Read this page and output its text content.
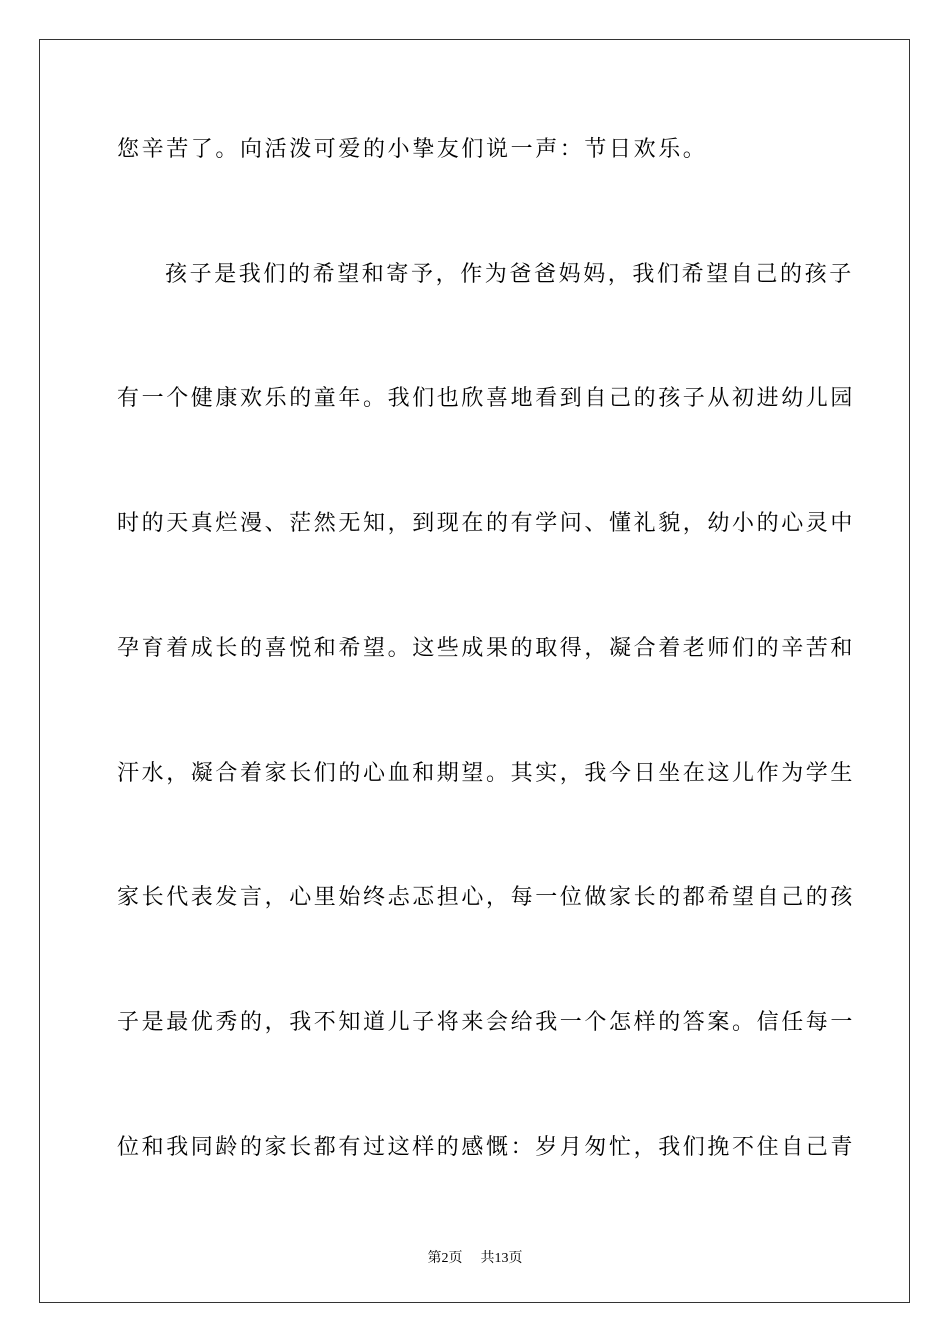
您辛苦了。向活泼可爱的小挚友们说一声：节日欢乐。

孩子是我们的希望和寄予，作为爸爸妈妈，我们希望自己的孩子

有一个健康欢乐的童年。我们也欣喜地看到自己的孩子从初进幼儿园

时的天真烂漫、茫然无知，到现在的有学问、懂礼貌，幼小的心灵中

孕育着成长的喜悦和希望。这些成果的取得，凝合着老师们的辛苦和

汗水，凝合着家长们的心血和期望。其实，我今日坐在这儿作为学生

家长代表发言，心里始终忐忑担心，每一位做家长的都希望自己的孩

子是最优秀的，我不知道儿子将来会给我一个怎样的答案。信任每一

位和我同龄的家长都有过这样的感慨：岁月匆忙，我们挽不住自己青

第2页 共13页
